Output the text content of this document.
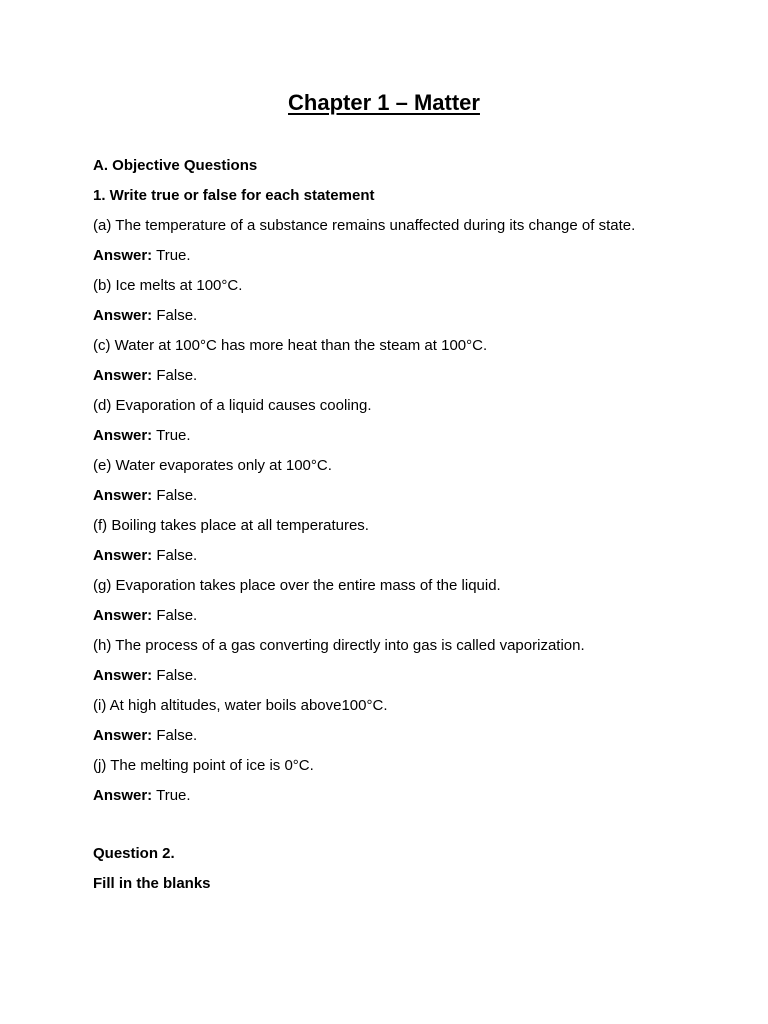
Chapter 1 – Matter
A. Objective Questions
1. Write true or false for each statement
(a) The temperature of a substance remains unaffected during its change of state.
Answer: True.
(b) Ice melts at 100°C.
Answer: False.
(c) Water at 100°C has more heat than the steam at 100°C.
Answer: False.
(d) Evaporation of a liquid causes cooling.
Answer: True.
(e) Water evaporates only at 100°C.
Answer: False.
(f) Boiling takes place at all temperatures.
Answer: False.
(g) Evaporation takes place over the entire mass of the liquid.
Answer: False.
(h) The process of a gas converting directly into gas is called vaporization.
Answer: False.
(i) At high altitudes, water boils above100°C.
Answer: False.
(j) The melting point of ice is 0°C.
Answer: True.
Question 2.
Fill in the blanks
